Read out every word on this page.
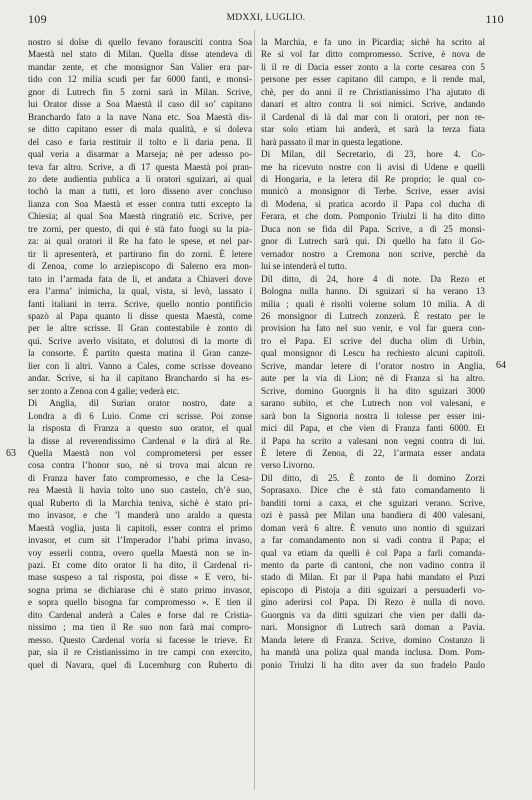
109	MDXXI, LUGLIO.	110

nostro si dolse di quello fevano forausciti contra Soa

Maestà nel stato di Milan. Quella disse atendeva di

mandar zente, et che monsignor San Valier era par-

tido con 12 milia scudi per far 6000 fanti, e monsi-

gnor di Lutrech fin 5 zorni sarà in Milan. Scrive,

lui Orator disse a Soa Maestà il caso dil so’ capitano

Branchardo fato a la nave Nana etc. Soa Maestà dis-

se ditto capitano esser di mala qualità, e si doleva

del caso e faria restituir il tolto e li daria pena. Il

qual veria a disarmar a Marseja; nè per adesso po-

teva far altro. Scrive, a dì 17 questa Maestà poi pran-

zo dete audientia publica a li oratori sguizari, ai qual

tochò la man a tutti, et loro disseno aver concluso

lianza con Soa Maestà et esser contra tutti excepto la

Chiesia; al qual Soa Maestà ringratiò etc. Scrive, per

tre zorni, per questo, di qui è stà fato fuogi su la pia-

za: ai qual oratori il Re ha fato le spese, et nel par-

tir li apresenterà, et partirano fin do zorni. È letere

di Zenoa, come lo arziepiscopo di Salerno era mon-

tato in l’armada fata de li, et andata a Chiaveri dove

era l’arma’ inimicha, la qual, vista, si levò, lassato i

fanti italiani in terra. Scrive, quello nontio pontificio

spazò al Papa quanto li disse questa Maestà, come

per le altre scrisse. Il Gran contestabile è zonto di

qui. Scrive averlo visitato, et dolutosi di la morte di

la consorte. È partito questa matina il Gran canze-

lier con li altri. Vanno a Cales, come scrisse doveano

andar. Scrive, si ha il capitano Branchardo si ha es-

ser zonto a Zenoa con 4 galie; vederà etc.

Di Anglia, dil Surian orator nostro, date a

Londra a dì 6 Luio. Come cri scrisse. Poi zonse

la risposta di Franza a questo suo orator, el qual

la disse al reverendissimo Cardenal e la dirà al Re.

Quella Maestà non vol comprometersi per esser

cosa contra l’honor suo, nè si trova mai alcun re

di Franza haver fato compromesso, e che la Cesa-

rea Maestà li havia tolto uno suo castelo, ch’è suo,

qual Ruberto di la Marchia teniva, sichè è stato pri-

mo invasor, e che ’l manderà uno araldo a questa

Maestà voglia, justa li capitoli, esser contra el primo

invasor, et cum sit l’Imperador l’habi prima invaso,

voy esserli contra, overo quella Maestà non se in-

pazi. Et come dito orator li ha dito, il Cardenal ri-

mase suspeso a tal risposta, poi disse « E vero, bi-

sogna prima se dichiarase chi è stato primo invasor,

e sopra quello bisogna far compromesso ». E tien il

dito Cardenal anderà a Cales e forse dal re Cristia-

nissimo ; ma tien il Re suo non farà mai compro-

messo. Questo Cardenal voria si facesse le trieve. Et

par, sia il re Cristianissimo in tre campi con exercito,

quel di Navara, quel di Lucemburg con Ruberto di

la Marchia, e fa uno in Picardia; sichè ha scrito al

Re si vol far ditto compromesso. Scrive, è nova de

li il re di Dacia esser zonto a la corte cesarea con 5

persone per esser capitano dil campo, e li rende mal,

chè, per do anni il re Christianissimo l’ha ajutato di

danari et altro contra li soi nimici. Scrive, andando

il Cardenal di là dal mar con li oratori, per non re-

star solo etiam lui anderà, et sarà la terza fiata

harà passato il mar in questa legatione.

Di Milan, dil Secretario, di 23, hore 4. Co-

me ha ricevuto nostre con li avisi di Udene e quelli

di Hongaria, e la letera dil Re proprio; le qual co-

municò a monsignor di Terbe. Scrive, esser avisi

di Modena, si pratica acordo il Papa col ducha di

Ferara, et che dom. Pomponio Triulzi li ha dito ditto

Duca non se fida dil Papa. Scrive, a dì 25 monsi-

gnor di Lutrech sarà qui. Di quello ha fato il Go-

vernador nostro a Cremona non scrive, perchè da

lui se intenderà el tutto.

Dil ditto, di 24, hore 4 di note. Da Rezo et

Bologna nulla hanno. Di sguizari si ha verano 13

milia ; quali è risolti volerne solum 10 milia. A dì

26 monsignor di Lutrech zonzerà. È restato per le

provision ha fato nel suo venir, e vol far guera con-

tro el Papa. El scrive del ducha olim di Urbin,

qual monsignor di Lescu ha rechiesto alcuni capitoli.

Scrive, mandar letere di l’orator nostro in Anglia,

aute per la via di Lion; nè di Franza si ha altro.

Scrive, domino Guorgnis li ha dito sguizari 3000

sarano subito, et che Lutrech non vol valesani, e

sarà bon la Signoria nostra li tolesse per esser ini-

mici dil Papa, et che vien di Franza fanti 6000. Et

il Papa ha scrito a valesani non vegni contra di lui.

È letere di Zenoa, di 22, l’armata esser andata

verso Livorno.

Dil ditto, di 25. È zonto de li domino Zorzi

Soprasaxo. Dice che è stà fato comandamento li

banditi torni a caxa, et che sguizari verano. Scrive,

ozi è passà per Milan una bandiera di 400 valesani,

doman verà 6 altre. È venuto uno nontio di sguizari

a far comandamento non si vadi contra il Papa; el

qual va etiam da quelli è col Papa a farli comanda-

mento da parte di cantoni, che non vadino contra il

stado di Milan. Et par il Papa habi mandato el Puzi

episcopo di Pistoja a diti sguizari a persuaderli vo-

gino aderirsi col Papa. Di Rezo è nulla di novo.

Guorgnis va da ditti sguizari che vien per dalli da-

nari. Monsignor di Lutrech sarà doman a Pavia.

Manda letere di Franza. Scrive, domino Costanzo li

ha mandà una poliza qual manda inclusa. Dom. Pom-

ponio Triulzi li ha dito aver da suo fradelo Paulo

63
64
